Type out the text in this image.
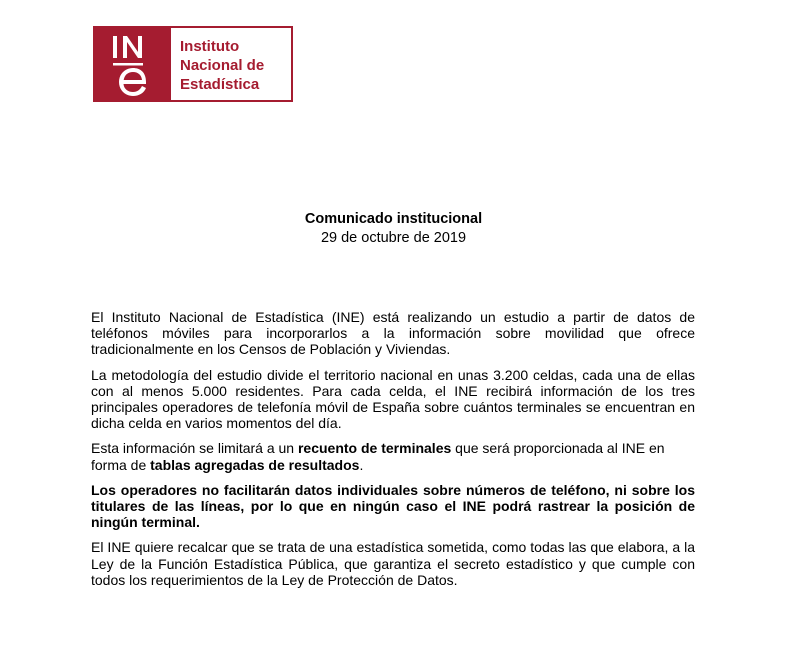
Instituto
Nacional de
Estadística
Comunicado institucional
29 de octubre de 2019

El Instituto Nacional de Estadística (INE) está realizando un estudio a partir de datos de teléfonos móviles para incorporarlos a la información sobre movilidad que ofrece tradicionalmente en los Censos de Población y Viviendas.

La metodología del estudio divide el territorio nacional en unas 3.200 celdas, cada una de ellas con al menos 5.000 residentes. Para cada celda, el INE recibirá información de los tres principales operadores de telefonía móvil de España sobre cuántos terminales se encuentran en dicha celda en varios momentos del día.

Esta información se limitará a un recuento de terminales que será proporcionada al INE en forma de tablas agregadas de resultados.

Los operadores no facilitarán datos individuales sobre números de teléfono, ni sobre los titulares de las líneas, por lo que en ningún caso el INE podrá rastrear la posición de ningún terminal.

El INE quiere recalcar que se trata de una estadística sometida, como todas las que elabora, a la Ley de la Función Estadística Pública, que garantiza el secreto estadístico y que cumple con todos los requerimientos de la Ley de Protección de Datos.
